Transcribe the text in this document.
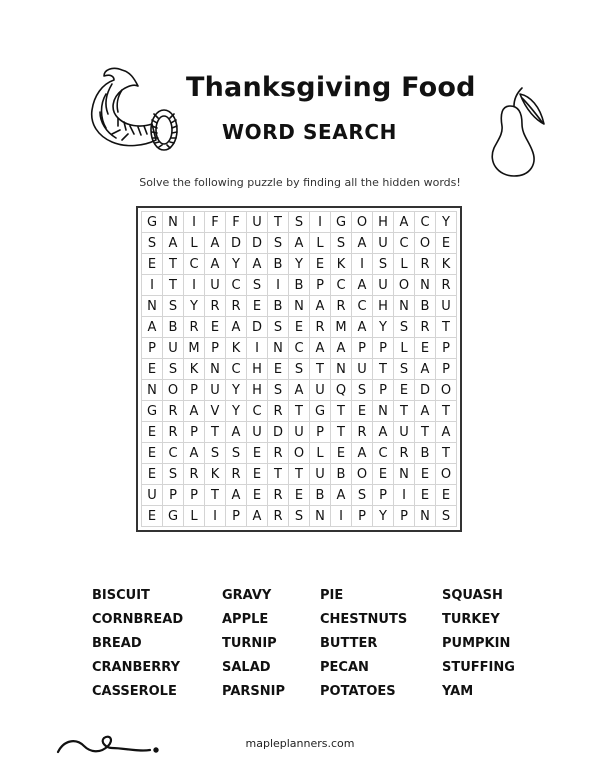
Thanksgiving Food
WORD SEARCH
Solve the following puzzle by finding all the hidden words!
G	N	I	F	F	U	T	S	I	G	O	H	A	C	Y
S	A	L	A	D	D	S	A	L	S	A	U	C	O	E
E	T	C	A	Y	A	B	Y	E	K	I	S	L	R	K
I	T	I	U	C	S	I	B	P	C	A	U	O	N	R
N	S	Y	R	R	E	B	N	A	R	C	H	N	B	U
A	B	R	E	A	D	S	E	R	M	A	Y	S	R	T
P	U	M	P	K	I	N	C	A	A	P	P	L	E	P
E	S	K	N	C	H	E	S	T	N	U	T	S	A	P
N	O	P	U	Y	H	S	A	U	Q	S	P	E	D	O
G	R	A	V	Y	C	R	T	G	T	E	N	T	A	T
E	R	P	T	A	U	D	U	P	T	R	A	U	T	A
E	C	A	S	S	E	R	O	L	E	A	C	R	B	T
E	S	R	K	R	E	T	T	U	B	O	E	N	E	O
U	P	P	T	A	E	R	E	B	A	S	P	I	E	E
E	G	L	I	P	A	R	S	N	I	P	Y	P	N	S
BISCUIT	GRAVY	PIE	SQUASH
CORNBREAD	APPLE	CHESTNUTS	TURKEY
BREAD	TURNIP	BUTTER	PUMPKIN
CRANBERRY	SALAD	PECAN	STUFFING
CASSEROLE	PARSNIP	POTATOES	YAM
mapleplanners.com
